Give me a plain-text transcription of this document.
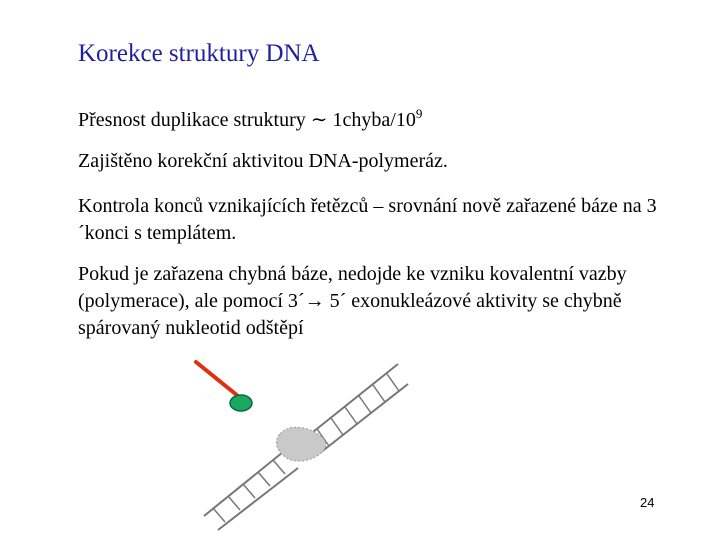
Korekce struktury DNA
Přesnost duplikace struktury ∼ $1chyba/10^9$
Zajištěno korekční aktivitou DNA-polymeráz.
Kontrola konců vznikajících řetězců – srovnání nově zařazené báze na 3´konci s templátem.
Pokud je zařazena chybná báze, nedojde ke vzniku kovalentní vazby (polymerace), ale pomocí 3´→ 5´ exonukleázové aktivity se chybně spárovaný nukleotid odštěpí
24
